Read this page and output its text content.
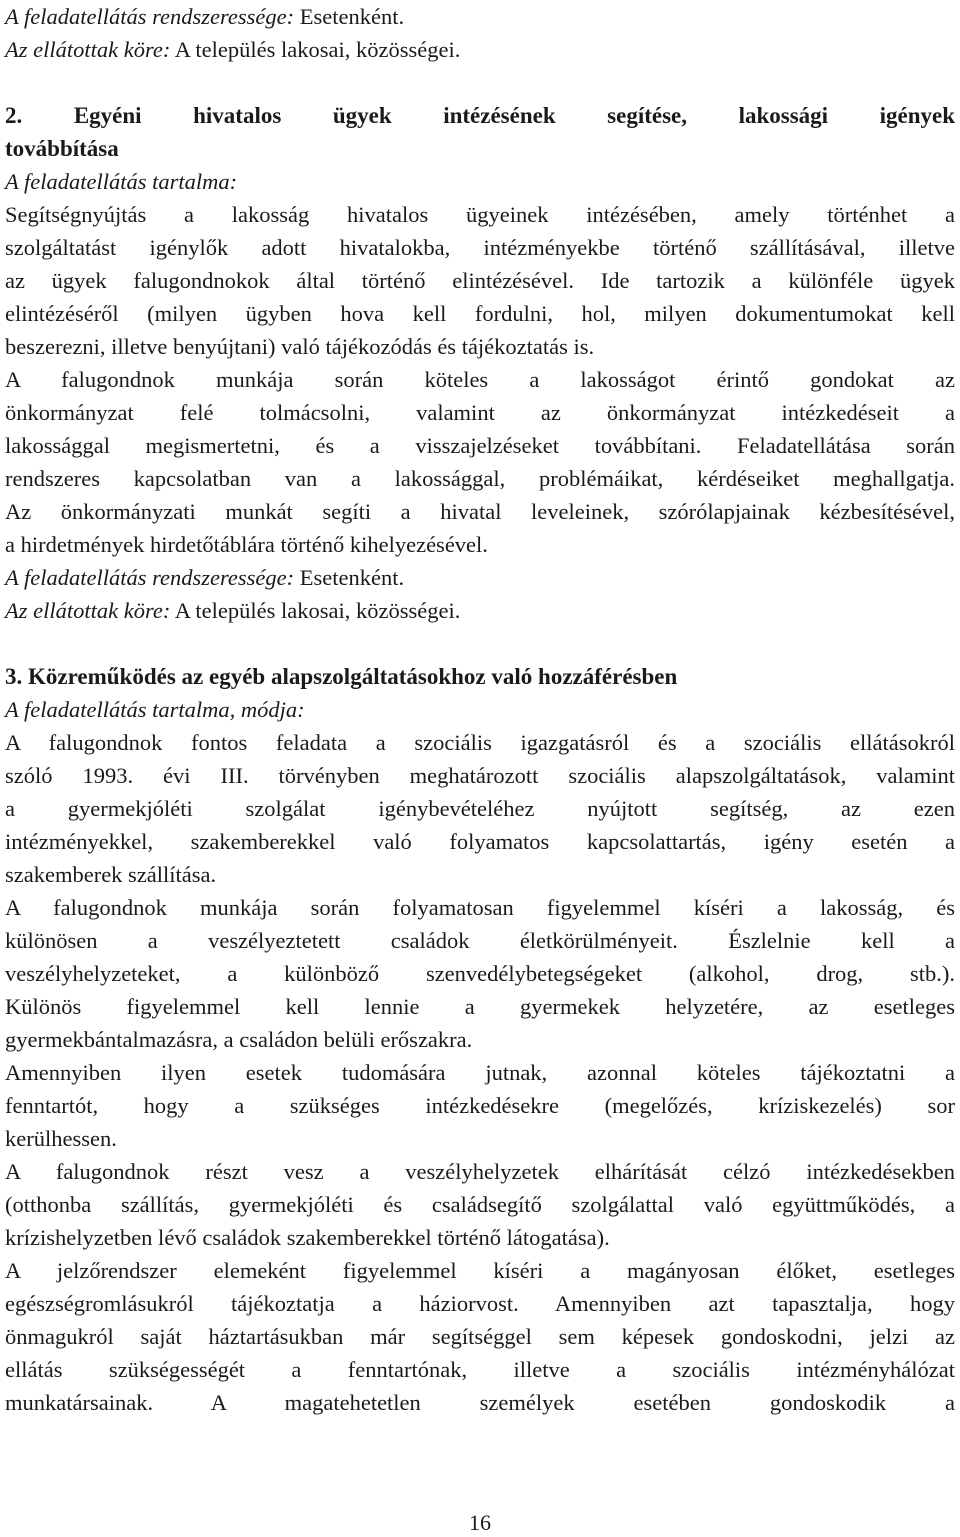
A feladatellátás rendszeressége: Esetenként.
Az ellátottak köre: A település lakosai, közösségei.
2. Egyéni hivatalos ügyek intézésének segítése, lakossági igények
továbbítása
A feladatellátás tartalma:
Segítségnyújtás a lakosság hivatalos ügyeinek intézésében, amely történhet a
szolgáltatást igénylők adott hivatalokba, intézményekbe történő szállításával, illetve
az ügyek falugondnokok által történő elintézésével. Ide tartozik a különféle ügyek
elintézéséről (milyen ügyben hova kell fordulni, hol, milyen dokumentumokat kell
beszerezni, illetve benyújtani) való tájékozódás és tájékoztatás is.
A falugondnok munkája során köteles a lakosságot érintő gondokat az
önkormányzat felé tolmácsolni, valamint az önkormányzat intézkedéseit a
lakossággal megismertetni, és a visszajelzéseket továbbítani. Feladatellátása során
rendszeres kapcsolatban van a lakossággal, problémáikat, kérdéseiket meghallgatja.
Az önkormányzati munkát segíti a hivatal leveleinek, szórólapjainak kézbesítésével,
a hirdetmények hirdetőtáblára történő kihelyezésével.
A feladatellátás rendszeressége: Esetenként.
Az ellátottak köre: A település lakosai, közösségei.
3. Közreműködés az egyéb alapszolgáltatásokhoz való hozzáférésben
A feladatellátás tartalma, módja:
A falugondnok fontos feladata a szociális igazgatásról és a szociális ellátásokról
szóló 1993. évi III. törvényben meghatározott szociális alapszolgáltatások, valamint
a gyermekjóléti szolgálat igénybevételéhez nyújtott segítség, az ezen
intézményekkel, szakemberekkel való folyamatos kapcsolattartás, igény esetén a
szakemberek szállítása.
A falugondnok munkája során folyamatosan figyelemmel kíséri a lakosság, és
különösen a veszélyeztetett családok életkörülményeit. Észlelnie kell a
veszélyhelyzeteket, a különböző szenvedélybetegségeket (alkohol, drog, stb.).
Különös figyelemmel kell lennie a gyermekek helyzetére, az esetleges
gyermekbántalmazásra, a családon belüli erőszakra.
Amennyiben ilyen esetek tudomására jutnak, azonnal köteles tájékoztatni a
fenntartót, hogy a szükséges intézkedésekre (megelőzés, kríziskezelés) sor
kerülhessen.
A falugondnok részt vesz a veszélyhelyzetek elhárítását célzó intézkedésekben
(otthonba szállítás, gyermekjóléti és családsegítő szolgálattal való együttműködés, a
krízishelyzetben lévő családok szakemberekkel történő látogatása).
A jelzőrendszer elemeként figyelemmel kíséri a magányosan élőket, esetleges
egészségromlásukról tájékoztatja a háziorvost. Amennyiben azt tapasztalja, hogy
önmagukról saját háztartásukban már segítséggel sem képesek gondoskodni, jelzi az
ellátás szükségességét a fenntartónak, illetve a szociális intézményhálózat
munkatársainak. A magatehetetlen személyek esetében gondoskodik a
16
